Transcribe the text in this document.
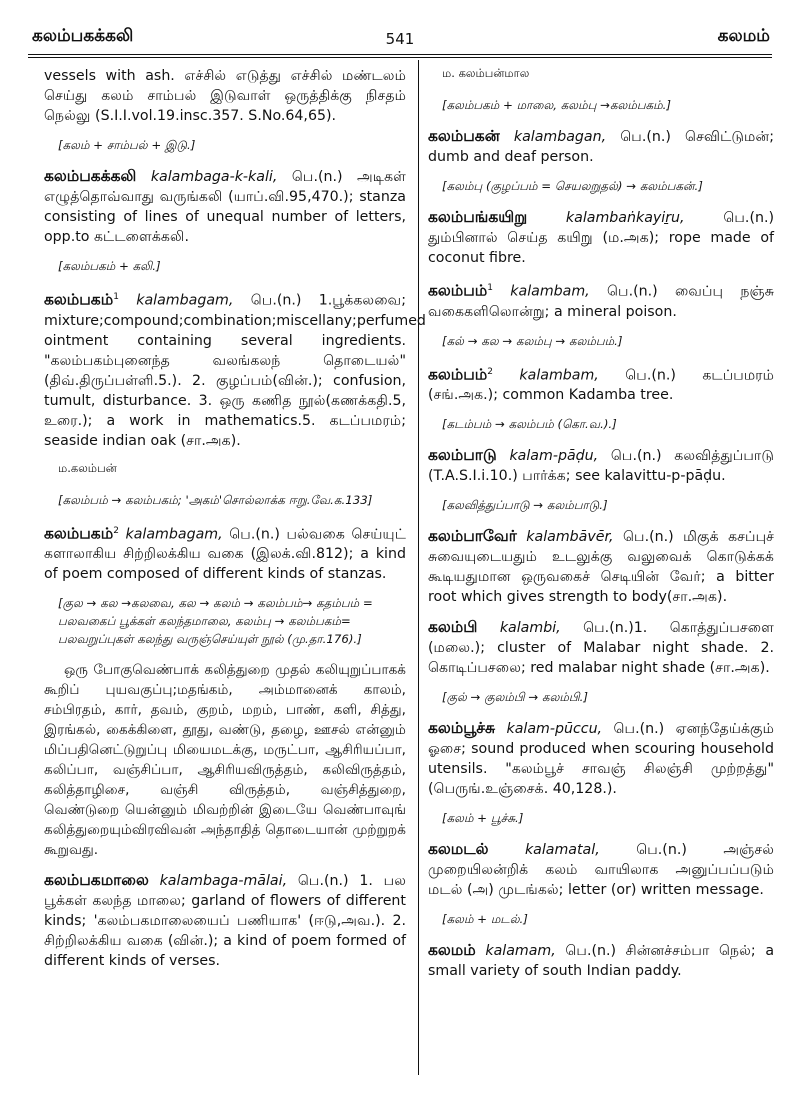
கலம்பகக்கலி	541	கலமம்

vessels with ash. எச்சில் எடுத்து எச்சில் மண்டலம் செய்து கலம் சாம்பல் இடுவாள் ஒருத்திக்கு நிசதம் நெல்லு (S.I.I.vol.19.insc.357. S.No.64,65).

[கலம் + சாம்பல் + இடு.]

கலம்பகக்கலி kalambaga-k-kali, பெ.(n.) அடிகள் எழுத்தொவ்வாது வருங்கலி (யாப்.வி.95,470.); stanza consisting of lines of unequal number of letters, opp.to கட்டளைக்கலி.

[கலம்பகம் + கலி.]

கலம்பகம்$^1$ kalambagam, பெ.(n.) 1.பூக்கலவை; mixture;compound;combination;miscellany;perfumed ointment containing several ingredients. "கலம்பகம்புனைந்த வலங்கலந் தொடையல்" (திவ்.திருப்பள்ளி.5.). 2. குழப்பம்(வின்.); confusion, tumult, disturbance. 3. ஒரு கணித நூல்(கணக்கதி.5, உரை.); a work in mathematics.5. கடப்பமரம்; seaside indian oak (சா.அக).

ம.கலம்பன்

[கலம்பம் → கலம்பகம்; 'அகம்'சொல்லாக்க ஈறு.வே.க.133]

கலம்பகம்$^2$ kalambagam, பெ.(n.) பல்வகை செய்யுட் களாலாகிய சிற்றிலக்கிய வகை (இலக்.வி.812); a kind of poem composed of different kinds of stanzas.

[குல → கல →கலவை, கல → கலம் → கலம்பம்→ கதம்பம் = பலவகைப் பூக்கள் கலந்தமாலை, கலம்பு → கலம்பகம்= பலவறுப்புகள் கலந்து வருஞ்செய்யுள் நூல் (மு.தா.176).]

ஒரு போகுவெண்பாக் கலித்துறை முதல் கலியுறுப்பாகக் கூறிப் புயவகுப்பு;மதங்கம், அம்மானைக் காலம், சம்பிரதம், கார், தவம், குறம், மறம், பாண், களி, சித்து, இரங்கல், கைக்கிளை, தூது, வண்டு, தழை, ஊசல் என்னும் மிப்பதினெட்டுறுப்பு மியைமடக்கு, மருட்பா, ஆசிரியப்பா, கலிப்பா, வஞ்சிப்பா, ஆசிரியவிருத்தம், கலிவிருத்தம், கலித்தாழிசை, வஞ்சி விருத்தம், வஞ்சித்துறை, வெண்டுறை யென்னும் மிவற்றின் இடையே வெண்பாவுங் கலித்துறையும்விரவிவன் அந்தாதித் தொடையான் முற்றுறக் கூறுவது.

கலம்பகமாலை kalambaga-mālai, பெ.(n.) 1. பல பூக்கள் கலந்த மாலை; garland of flowers of different kinds; 'கலம்பகமாலையைப் பணியாக' (ஈடு,அவ.). 2. சிற்றிலக்கிய வகை (வின்.); a kind of poem formed of different kinds of verses.

ம. கலம்பன்மால

[கலம்பகம் + மாலை, கலம்பு →கலம்பகம்.]

கலம்பகன் kalambagan, பெ.(n.) செவிட்டுமன்; dumb and deaf person.

[கலம்பு (குழப்பம் = செயலறுதல்) → கலம்பகன்.]

கலம்பங்கயிறு	kalambaṅkayiṟu,	பெ.(n.) தும்பினால் செய்த கயிறு (ம.அக); rope made of coconut fibre.

கலம்பம்$^1$ kalambam, பெ.(n.) வைப்பு நஞ்சு வகைகளிலொன்று; a mineral poison.

[கல் → கல → கலம்பு → கலம்பம்.]

கலம்பம்$^2$ kalambam, பெ.(n.) கடப்பமரம் (சங்.அக.); common Kadamba tree.

[கடம்பம் → கலம்பம் (கொ.வ.).]

கலம்பாடு kalam-pāḍu, பெ.(n.) கலவித்துப்பாடு (T.A.S.I.i.10.) பார்க்க; see kalavittu-p-pāḍu.

[கலவித்துப்பாடு → கலம்பாடு.]

கலம்பாவேர் kalambāvēr, பெ.(n.) மிகுக் கசப்புச் சுவையுடையதும் உடலுக்கு வலுவைக் கொடுக்கக் கூடியதுமான ஒருவகைச் செடியின் வேர்; a bitter root which gives strength to body(சா.அக).

கலம்பி kalambi, பெ.(n.)1. கொத்துப்பசளை (மலை.); cluster of Malabar night shade. 2. கொடிப்பசலை; red malabar night shade (சா.அக).

[குல் → குலம்பி → கலம்பி.]

கலம்பூச்சு kalam-pūccu, பெ.(n.) ஏனந்தேய்க்கும் ஓசை; sound produced when scouring household utensils. "கலம்பூச் சாவஞ் சிலஞ்சி முற்றத்து" (பெருங்.உஞ்சைக். 40,128.).

[கலம் + பூச்சு.]

கலமடல்	kalamatal,	பெ.(n.) அஞ்சல் முறையிலன்றிக் கலம் வாயிலாக அனுப்பப்படும் மடல் (அ) முடங்கல்; letter (or) written message.

[கலம் + மடல்.]

கலமம் kalamam, பெ.(n.) சின்னச்சம்பா நெல்; a small variety of south Indian paddy.
